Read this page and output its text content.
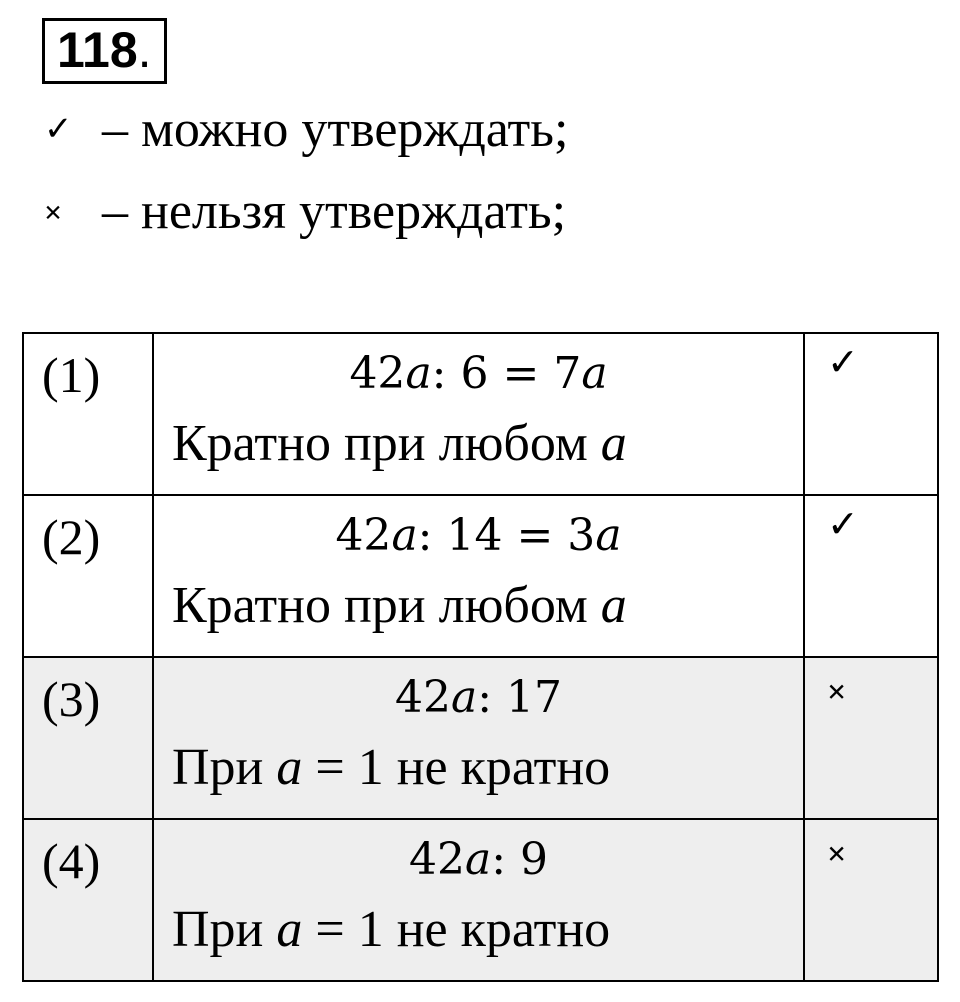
118 .
✓ – можно утверждать;
× – нельзя утверждать;
(1)	42a: 6 = 7a
Кратно при любом a	✓
(2)	42a: 14 = 3a
Кратно при любом a	✓
(3)	42a: 17
При a = 1 не кратно	×
(4)	42a: 9
При a = 1 не кратно	×
